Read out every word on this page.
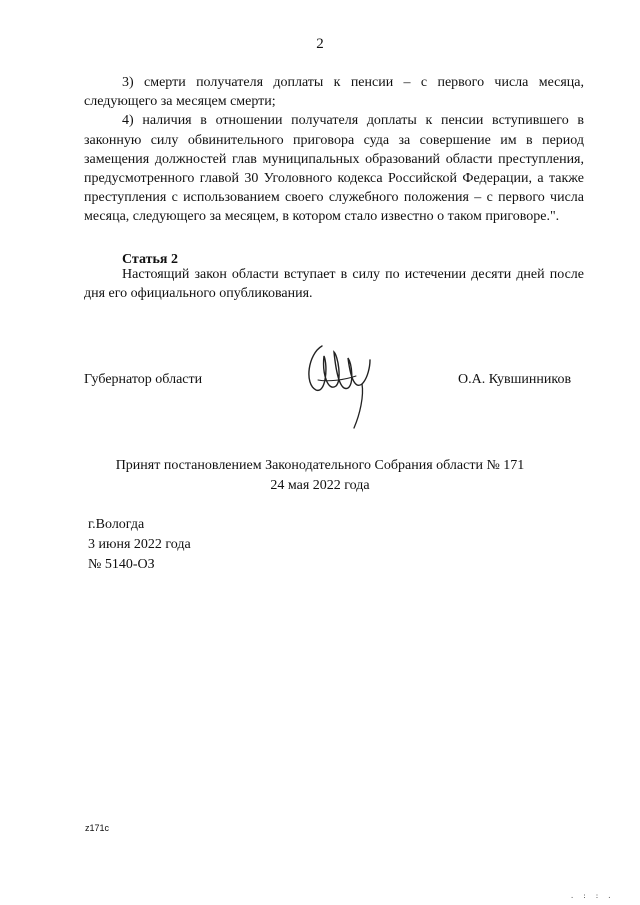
2

3) смерти получателя доплаты к пенсии – с первого числа месяца, следующего за месяцем смерти;

4) наличия в отношении получателя доплаты к пенсии вступившего в законную силу обвинительного приговора суда за совершение им в период замещения должностей глав муниципальных образований области преступления, предусмотренного главой 30 Уголовного кодекса Российской Федерации, а также преступления с использованием своего служебного положения – с первого числа месяца, следующего за месяцем, в котором стало известно о таком приговоре.".

Статья 2

Настоящий закон области вступает в силу по истечении десяти дней после дня его официального опубликования.

Губернатор области	О.А. Кувшинников
Принят постановлением Законодательного Собрания области № 171
24 мая 2022 года
г.Вологда
3 июня 2022 года
№ 5140-ОЗ
z171c
. : : .
